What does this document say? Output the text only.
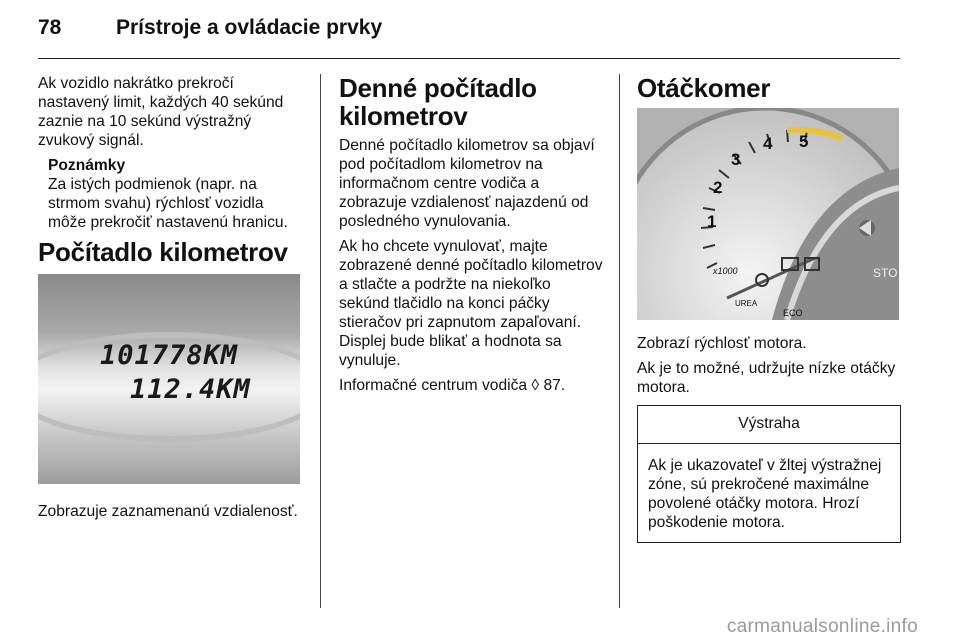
78	Prístroje a ovládacie prvky

Ak vozidlo nakrátko prekročí nastavený limit, každých 40 sekúnd zaznie na 10 sekúnd výstražný zvukový signál.

Poznámky
Za istých podmienok (napr. na strmom svahu) rýchlosť vozidla môže prekročiť nastavenú hranicu.
Počítadlo kilometrov
101778KM
112.4KM

Zobrazuje zaznamenanú vzdialenosť.

Denné počítadlo kilometrov

Denné počítadlo kilometrov sa objaví pod počítadlom kilometrov na informačnom centre vodiča a zobrazuje vzdialenosť najazdenú od posledného vynulovania.

Ak ho chcete vynulovať, majte zobrazené denné počítadlo kilometrov a stlačte a podržte na niekoľko sekúnd tlačidlo na konci páčky stieračov pri zapnutom zapaľovaní. Displej bude blikať a hodnota sa vynuluje.

Informačné centrum vodiča ◊ 87.

Otáčkomer
1
2
3
4 5
x1000
UREA
ECO
STO

Zobrazí rýchlosť motora.

Ak je to možné, udržujte nízke otáčky motora.

Výstraha
Ak je ukazovateľ v žltej výstražnej zóne, sú prekročené maximálne povolené otáčky motora. Hrozí poškodenie motora.
carmanualsonline.info
